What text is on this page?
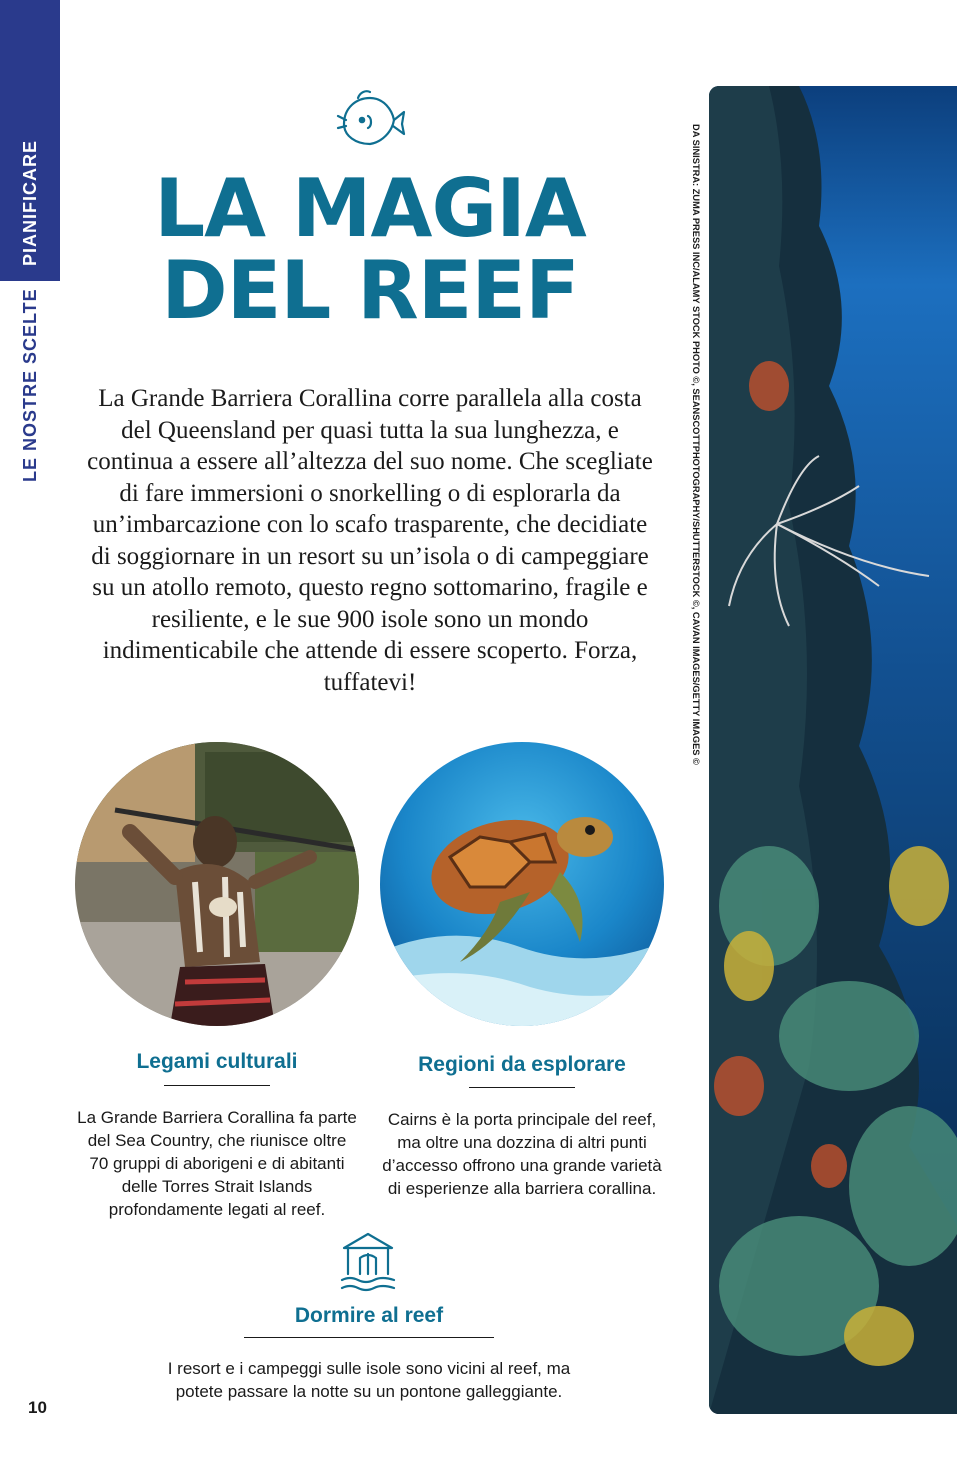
PIANIFICARE
LE NOSTRE SCELTE
LA MAGIA
DEL REEF

La Grande Barriera Corallina corre parallela alla costa del Queensland per quasi tutta la sua lunghezza, e continua a essere all’altezza del suo nome. Che scegliate di fare immersioni o snorkelling o di esplorarla da un’imbarcazione con lo scafo trasparente, che decidiate di soggiornare in un resort su un’isola o di campeggiare su un atollo remoto, questo regno sottomarino, fragile e resiliente, e le sue 900 isole sono un mondo indimenticabile che attende di essere scoperto. Forza, tuffatevi!

Legami culturali

La Grande Barriera Corallina fa parte del Sea Country, che riunisce oltre 70 gruppi di aborigeni e di abitanti delle Torres Strait Islands profondamente legati al reef.

Regioni da esplorare

Cairns è la porta principale del reef, ma oltre una dozzina di altri punti d’accesso offrono una grande varietà di esperienze alla barriera corallina.

Dormire al reef

I resort e i campeggi sulle isole sono vicini al reef, ma potete passare la notte su un pontone galleggiante.

10
DA SINISTRA: ZUMA PRESS INC/ALAMY STOCK PHOTO ©, SEANSCOTTPHOTOGRAPHY/SHUTTERSTOCK ©, CAVAN IMAGES/GETTY IMAGES ©
